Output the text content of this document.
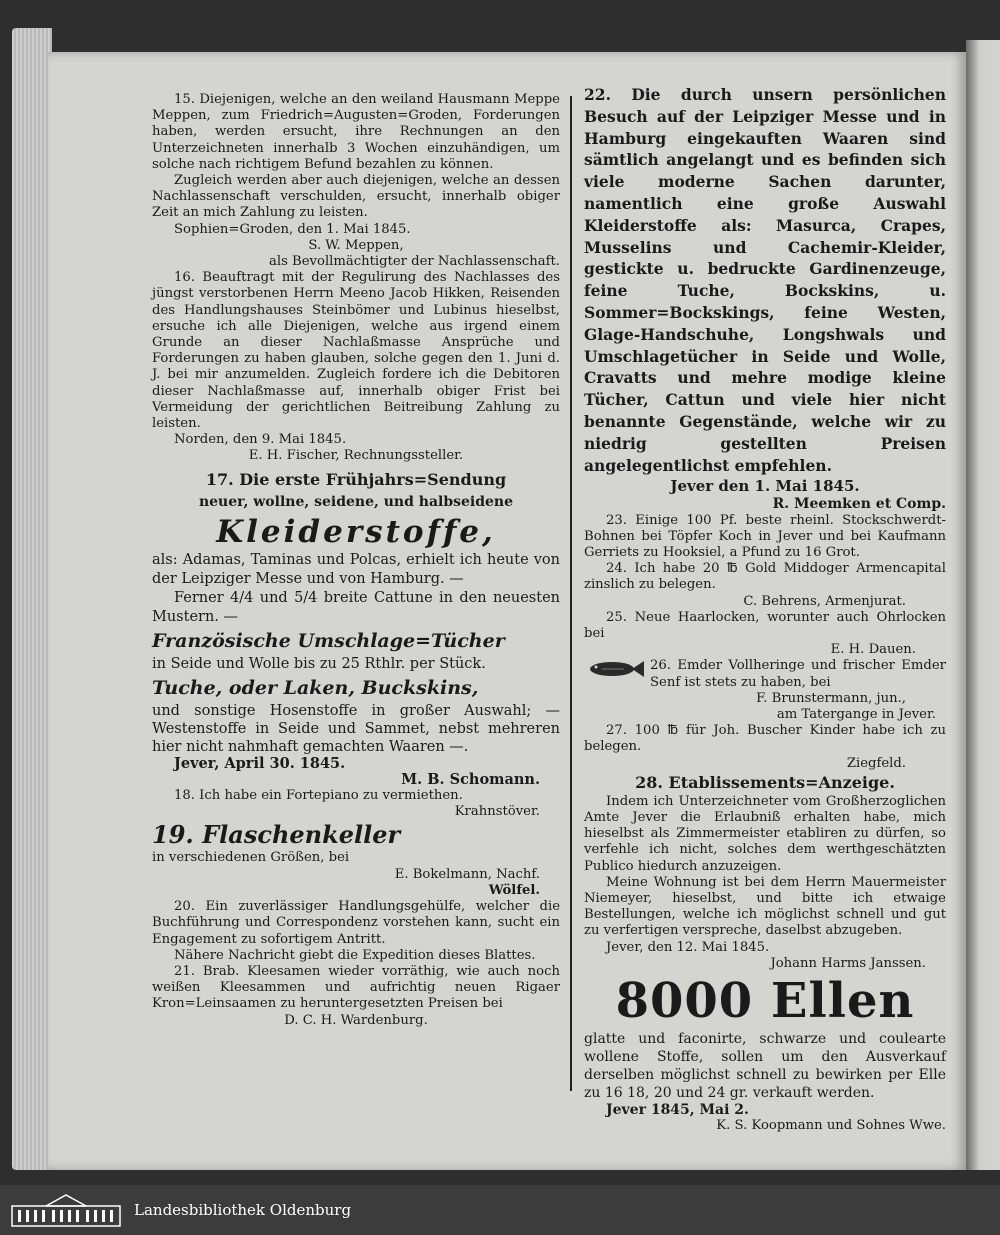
15. Diejenigen, welche an den weiland Hausmann Meppe Meppen, zum Friedrich=Augusten=Groden, Forderungen haben, werden ersucht, ihre Rechnungen an den Unterzeichneten innerhalb 3 Wochen einzuhändigen, um solche nach richtigem Befund bezahlen zu können.

Zugleich werden aber auch diejenigen, welche an dessen Nachlassenschaft verschulden, ersucht, innerhalb obiger Zeit an mich Zahlung zu leisten.

Sophien=Groden, den 1. Mai 1845.

S. W. Meppen,

als Bevollmächtigter der Nachlassenschaft.

16. Beauftragt mit der Regulirung des Nachlasses des jüngst verstorbenen Herrn Meeno Jacob Hikken, Reisenden des Handlungshauses Steinbömer und Lubinus hieselbst, ersuche ich alle Diejenigen, welche aus irgend einem Grunde an dieser Nachlaßmasse Ansprüche und Forderungen zu haben glauben, solche gegen den 1. Juni d. J. bei mir anzumelden. Zugleich fordere ich die Debitoren dieser Nachlaßmasse auf, innerhalb obiger Frist bei Vermeidung der gerichtlichen Beitreibung Zahlung zu leisten.

Norden, den 9. Mai 1845.

E. H. Fischer, Rechnungssteller.

17. Die erste Frühjahrs=Sendung

neuer, wollne, seidene, und halbseidene

Kleiderstoffe,

als: Adamas, Taminas und Polcas, erhielt ich heute von der Leipziger Messe und von Hamburg. —

Ferner 4/4 und 5/4 breite Cattune in den neuesten Mustern. —

Französische Umschlage=Tücher

in Seide und Wolle bis zu 25 Rthlr. per Stück.

Tuche, oder Laken, Buckskins,

und sonstige Hosenstoffe in großer Auswahl; — Westenstoffe in Seide und Sammet, nebst mehreren hier nicht nahmhaft gemachten Waaren —.

Jever, April 30. 1845.

M. B. Schomann.

18. Ich habe ein Fortepiano zu vermiethen.

Krahnstöver.

19. Flaschenkeller

in verschiedenen Größen, bei

E. Bokelmann, Nachf.

Wölfel.

20. Ein zuverlässiger Handlungsgehülfe, welcher die Buchführung und Correspondenz vorstehen kann, sucht ein Engagement zu sofortigem Antritt.

Nähere Nachricht giebt die Expedition dieses Blattes.

21. Brab. Kleesamen wieder vorräthig, wie auch noch weißen Kleesammen und aufrichtig neuen Rigaer Kron=Leinsaamen zu heruntergesetzten Preisen bei

D. C. H. Wardenburg.

22. Die durch unsern persönlichen Besuch auf der Leipziger Messe und in Hamburg eingekauften Waaren sind sämtlich angelangt und es befinden sich viele moderne Sachen darunter, namentlich eine große Auswahl Kleiderstoffe als: Masurca, Crapes, Musselins und Cachemir-Kleider, gestickte u. bedruckte Gardinenzeuge, feine Tuche, Bockskins, u. Sommer=Bockskings, feine Westen, Glage-Handschuhe, Longshwals und Umschlagetücher in Seide und Wolle, Cravatts und mehre modige kleine Tücher, Cattun und viele hier nicht benannte Gegenstände, welche wir zu niedrig gestellten Preisen angelegentlichst empfehlen.

Jever den 1. Mai 1845.

R. Meemken et Comp.

23. Einige 100 Pf. beste rheinl. Stockschwerdt-Bohnen bei Töpfer Koch in Jever und bei Kaufmann Gerriets zu Hooksiel, a Pfund zu 16 Grot.

24. Ich habe 20 ℔ Gold Middoger Armencapital zinslich zu belegen.

C. Behrens, Armenjurat.

25. Neue Haarlocken, worunter auch Ohrlocken bei

E. H. Dauen.

26. Emder Vollheringe und frischer Emder Senf ist stets zu haben, bei

F. Brunstermann, jun.,

am Tatergange in Jever.

27. 100 ℔ für Joh. Buscher Kinder habe ich zu belegen.

Ziegfeld.

28. Etablissements=Anzeige.

Indem ich Unterzeichneter vom Großherzoglichen Amte Jever die Erlaubniß erhalten habe, mich hieselbst als Zimmermeister etabliren zu dürfen, so verfehle ich nicht, solches dem werthgeschätzten Publico hiedurch anzuzeigen.

Meine Wohnung ist bei dem Herrn Mauermeister Niemeyer, hieselbst, und bitte ich etwaige Bestellungen, welche ich möglichst schnell und gut zu verfertigen verspreche, daselbst abzugeben.

Jever, den 12. Mai 1845.

Johann Harms Janssen.

8000 Ellen

glatte und faconirte, schwarze und coulearte wollene Stoffe, sollen um den Ausverkauf derselben möglichst schnell zu bewirken per Elle zu 16 18, 20 und 24 gr. verkauft werden.

Jever 1845, Mai 2.

K. S. Koopmann und Sohnes Wwe.

Landesbibliothek Oldenburg
